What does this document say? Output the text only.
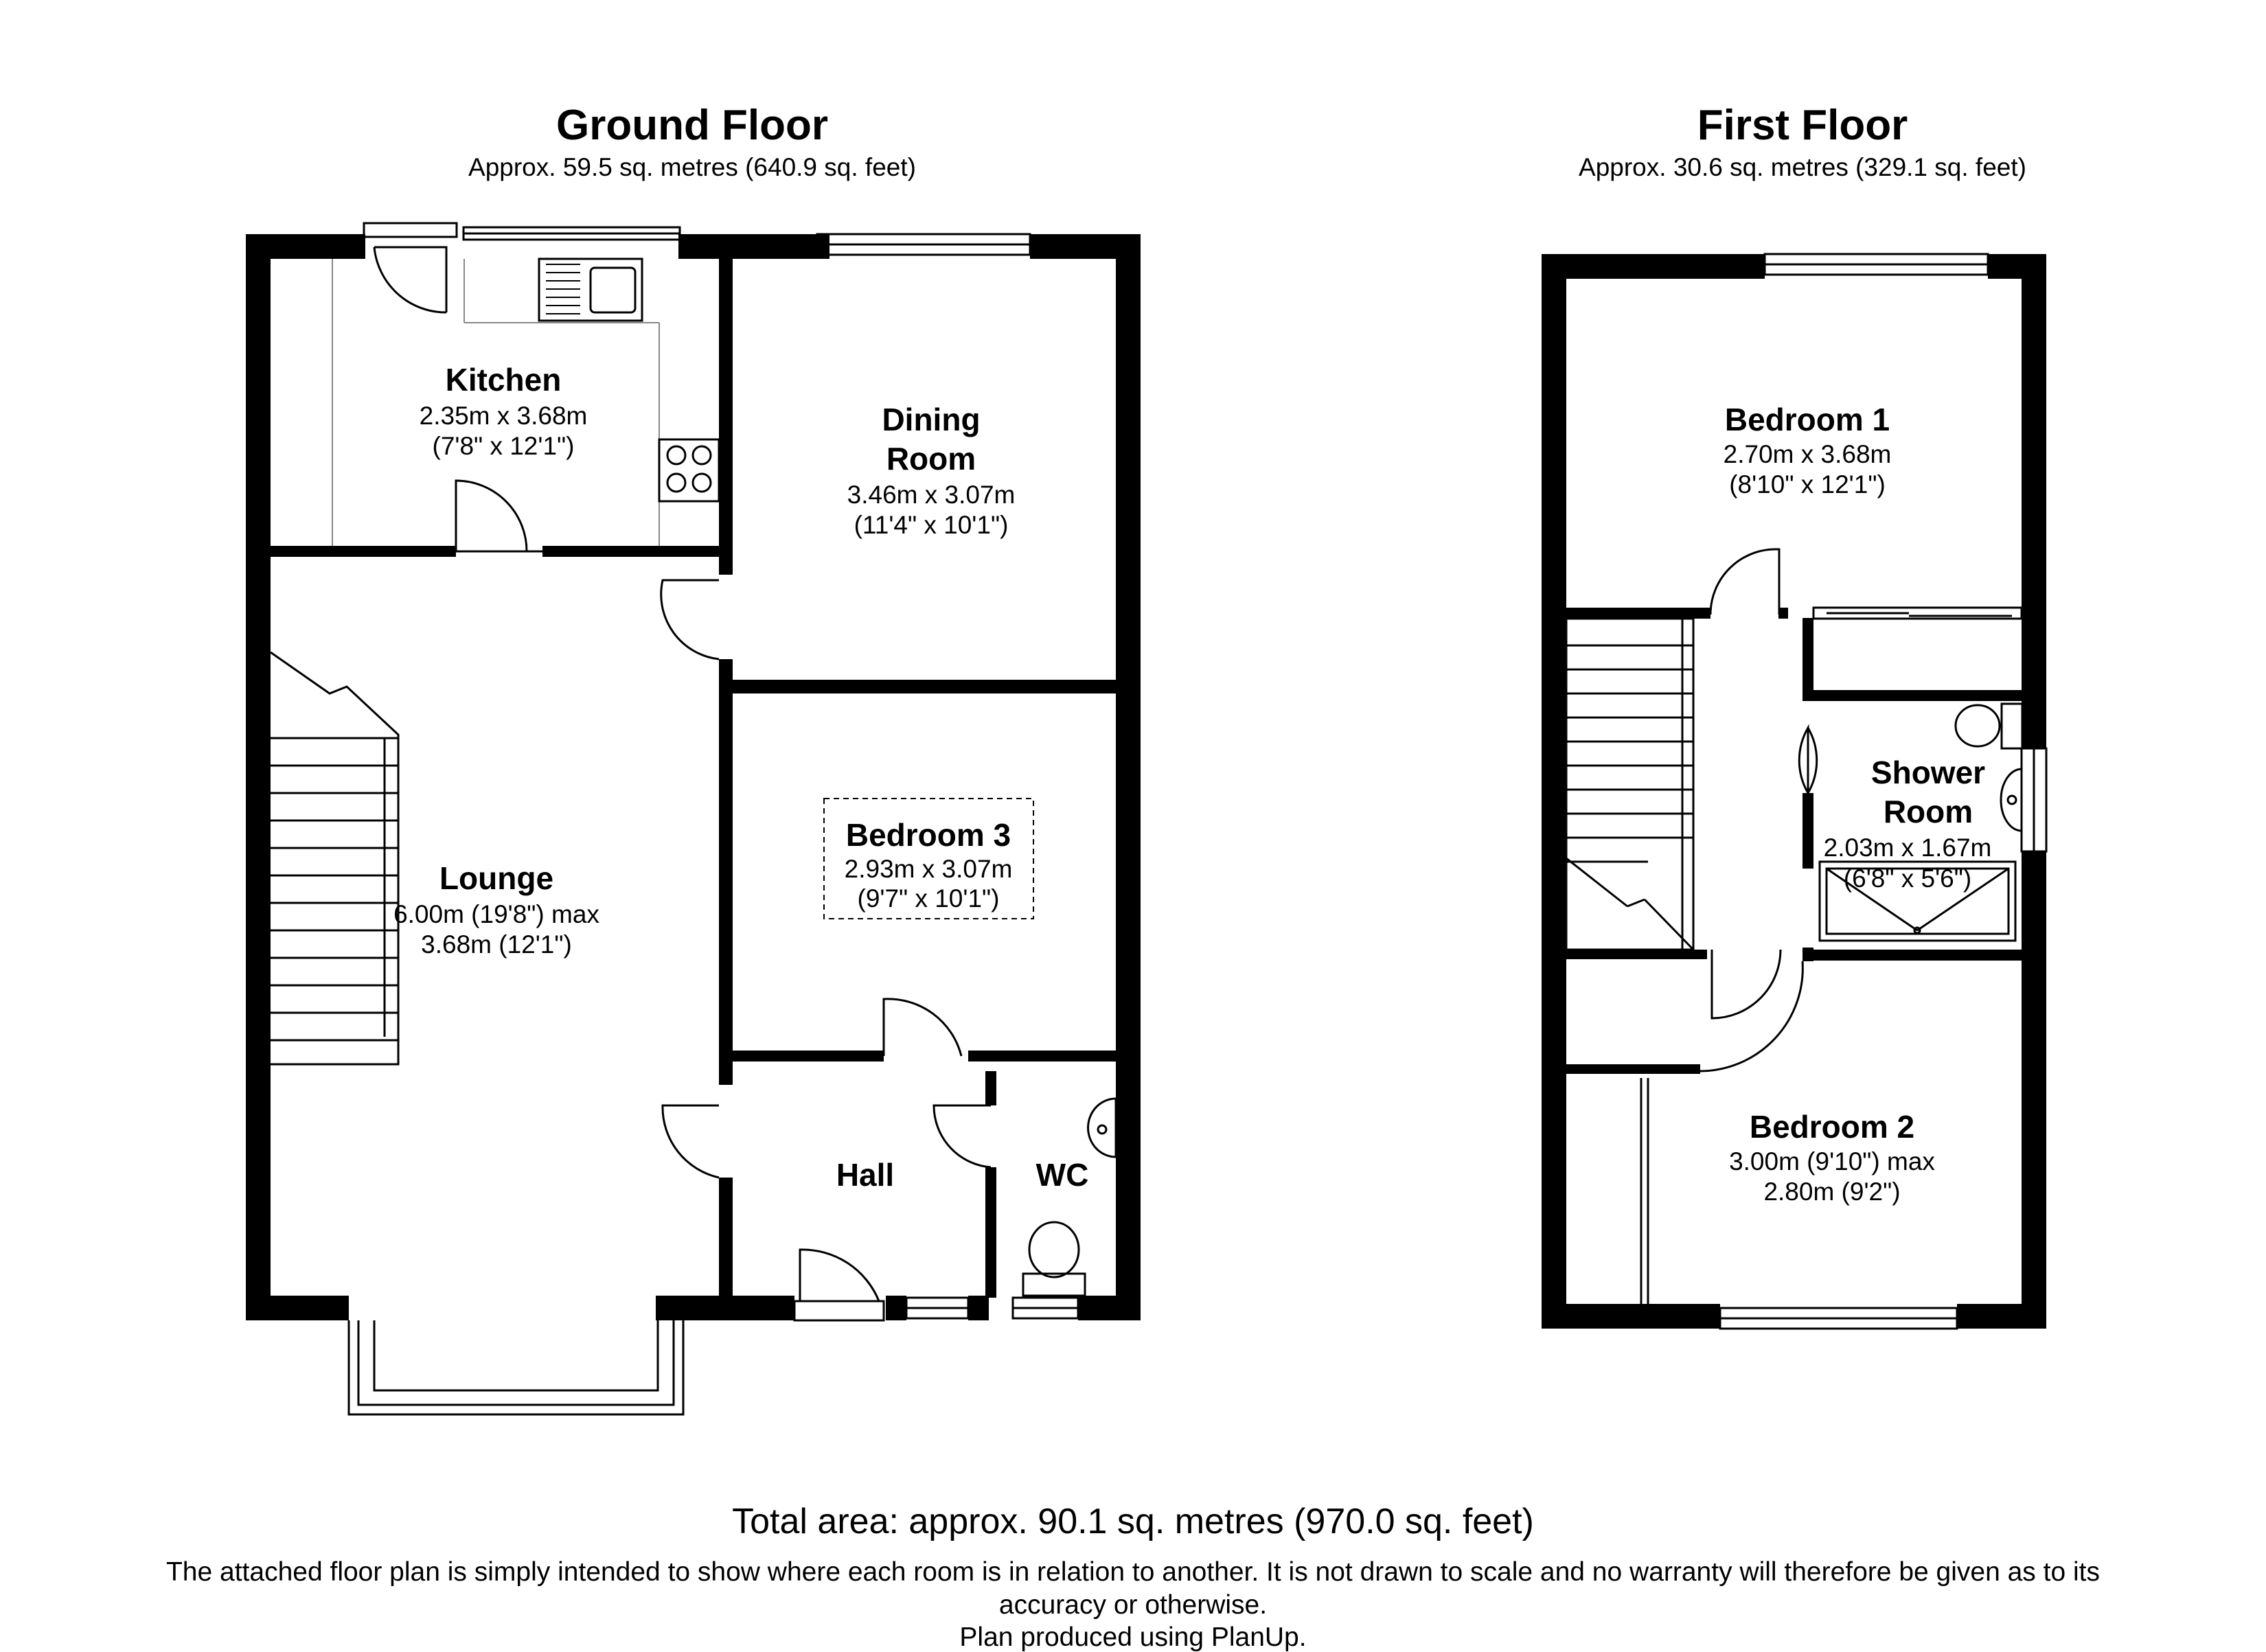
Ground Floor
Approx. 59.5 sq. metres (640.9 sq. feet)
First Floor
Approx. 30.6 sq. metres (329.1 sq. feet)
Kitchen
2.35m x 3.68m
(7'8" x 12'1")
Dining
Room
3.46m x 3.07m
(11'4" x 10'1")
Lounge
6.00m (19'8") max
3.68m (12'1")
Bedroom 3
2.93m x 3.07m
(9'7" x 10'1")
Hall	WC
Bedroom 1
2.70m x 3.68m
(8'10" x 12'1")
Shower
Room
2.03m x 1.67m
(6'8" x 5'6")
Bedroom 2
3.00m (9'10") max
2.80m (9'2")
Total area: approx. 90.1 sq. metres (970.0 sq. feet)
The attached floor plan is simply intended to show where each room is in relation to another. It is not drawn to scale and no warranty will therefore be given as to its
accuracy or otherwise.
Plan produced using PlanUp.
